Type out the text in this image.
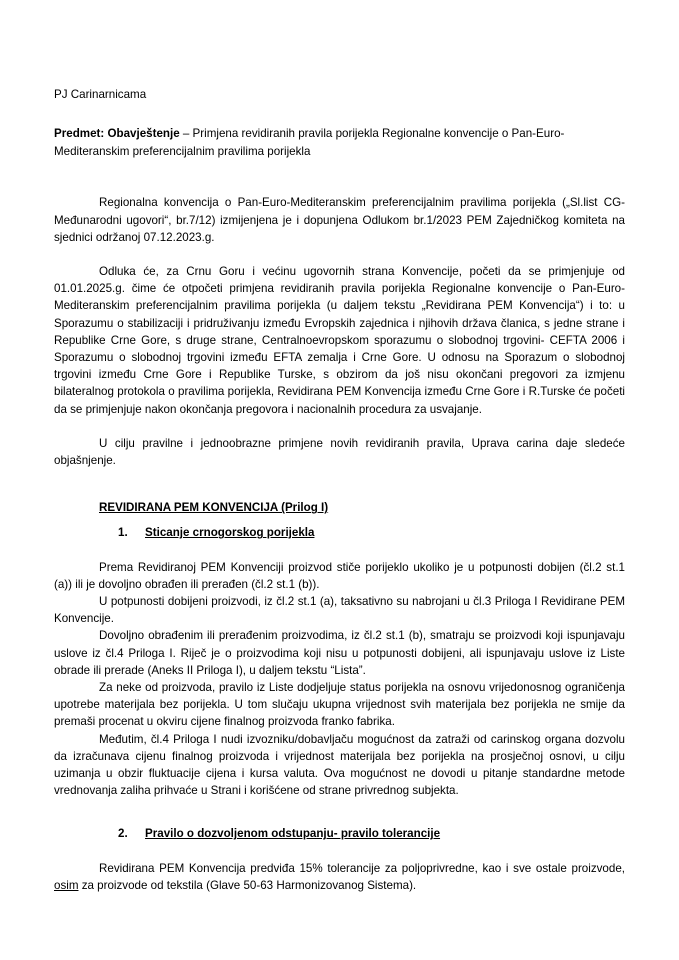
PJ Carinarnicama
Predmet: Obavještenje – Primjena revidiranih pravila porijekla Regionalne konvencije o Pan-Euro-Mediteranskim preferencijalnim pravilima porijekla

Regionalna konvencija o Pan-Euro-Mediteranskim preferencijalnim pravilima porijekla („Sl.list CG- Međunarodni ugovori“, br.7/12) izmijenjena je i dopunjena Odlukom br.1/2023 PEM Zajedničkog komiteta na sjednici održanoj 07.12.2023.g.

Odluka će, za Crnu Goru i većinu ugovornih strana Konvencije, početi da se primjenjuje od 01.01.2025.g. čime će otpočeti primjena revidiranih pravila porijekla Regionalne konvencije o Pan-Euro-Mediteranskim preferencijalnim pravilima porijekla (u daljem tekstu „Revidirana PEM Konvencija“) i to: u Sporazumu o stabilizaciji i pridruživanju između Evropskih zajednica i njihovih država članica, s jedne strane i Republike Crne Gore, s druge strane, Centralnoevropskom sporazumu o slobodnoj trgovini- CEFTA 2006 i Sporazumu o slobodnoj trgovini između EFTA zemalja i Crne Gore. U odnosu na Sporazum o slobodnoj trgovini između Crne Gore i Republike Turske, s obzirom da još nisu okončani pregovori za izmjenu bilateralnog protokola o pravilima porijekla, Revidirana PEM Konvencija između Crne Gore i R.Turske će početi da se primjenjuje nakon okončanja pregovora i nacionalnih procedura za usvajanje.

U cilju pravilne i jednoobrazne primjene novih revidiranih pravila, Uprava carina daje sledeće objašnjenje.

REVIDIRANA PEM KONVENCIJA (Prilog I)
1.	Sticanje crnogorskog porijekla

Prema Revidiranoj PEM Konvenciji proizvod stiče porijeklo ukoliko je u potpunosti dobijen (čl.2 st.1 (a)) ili je dovoljno obrađen ili prerađen (čl.2 st.1 (b)).

U potpunosti dobijeni proizvodi, iz čl.2 st.1 (a), taksativno su nabrojani u čl.3 Priloga I Revidirane PEM Konvencije.

Dovoljno obrađenim ili prerađenim proizvodima, iz čl.2 st.1 (b), smatraju se proizvodi koji ispunjavaju uslove iz čl.4 Priloga I. Riječ je o proizvodima koji nisu u potpunosti dobijeni, ali ispunjavaju uslove iz Liste obrade ili prerade (Aneks II Priloga I), u daljem tekstu “Lista”.

Za neke od proizvoda, pravilo iz Liste dodjeljuje status porijekla na osnovu vrijedonosnog ograničenja upotrebe materijala bez porijekla. U tom slučaju ukupna vrijednost svih materijala bez porijekla ne smije da premaši procenat u okviru cijene finalnog proizvoda franko fabrika.

Međutim, čl.4 Priloga I nudi izvozniku/dobavljaču mogućnost da zatraži od carinskog organa dozvolu da izračunava cijenu finalnog proizvoda i vrijednost materijala bez porijekla na prosječnoj osnovi, u cilju uzimanja u obzir fluktuacije cijena i kursa valuta. Ova mogućnost ne dovodi u pitanje standardne metode vrednovanja zaliha prihvaće u Strani i korišćene od strane privrednog subjekta.

2.	Pravilo o dozvoljenom odstupanju- pravilo tolerancije

Revidirana PEM Konvencija predviđa 15% tolerancije za poljoprivredne, kao i sve ostale proizvode, osim za proizvode od tekstila (Glave 50-63 Harmonizovanog Sistema).
